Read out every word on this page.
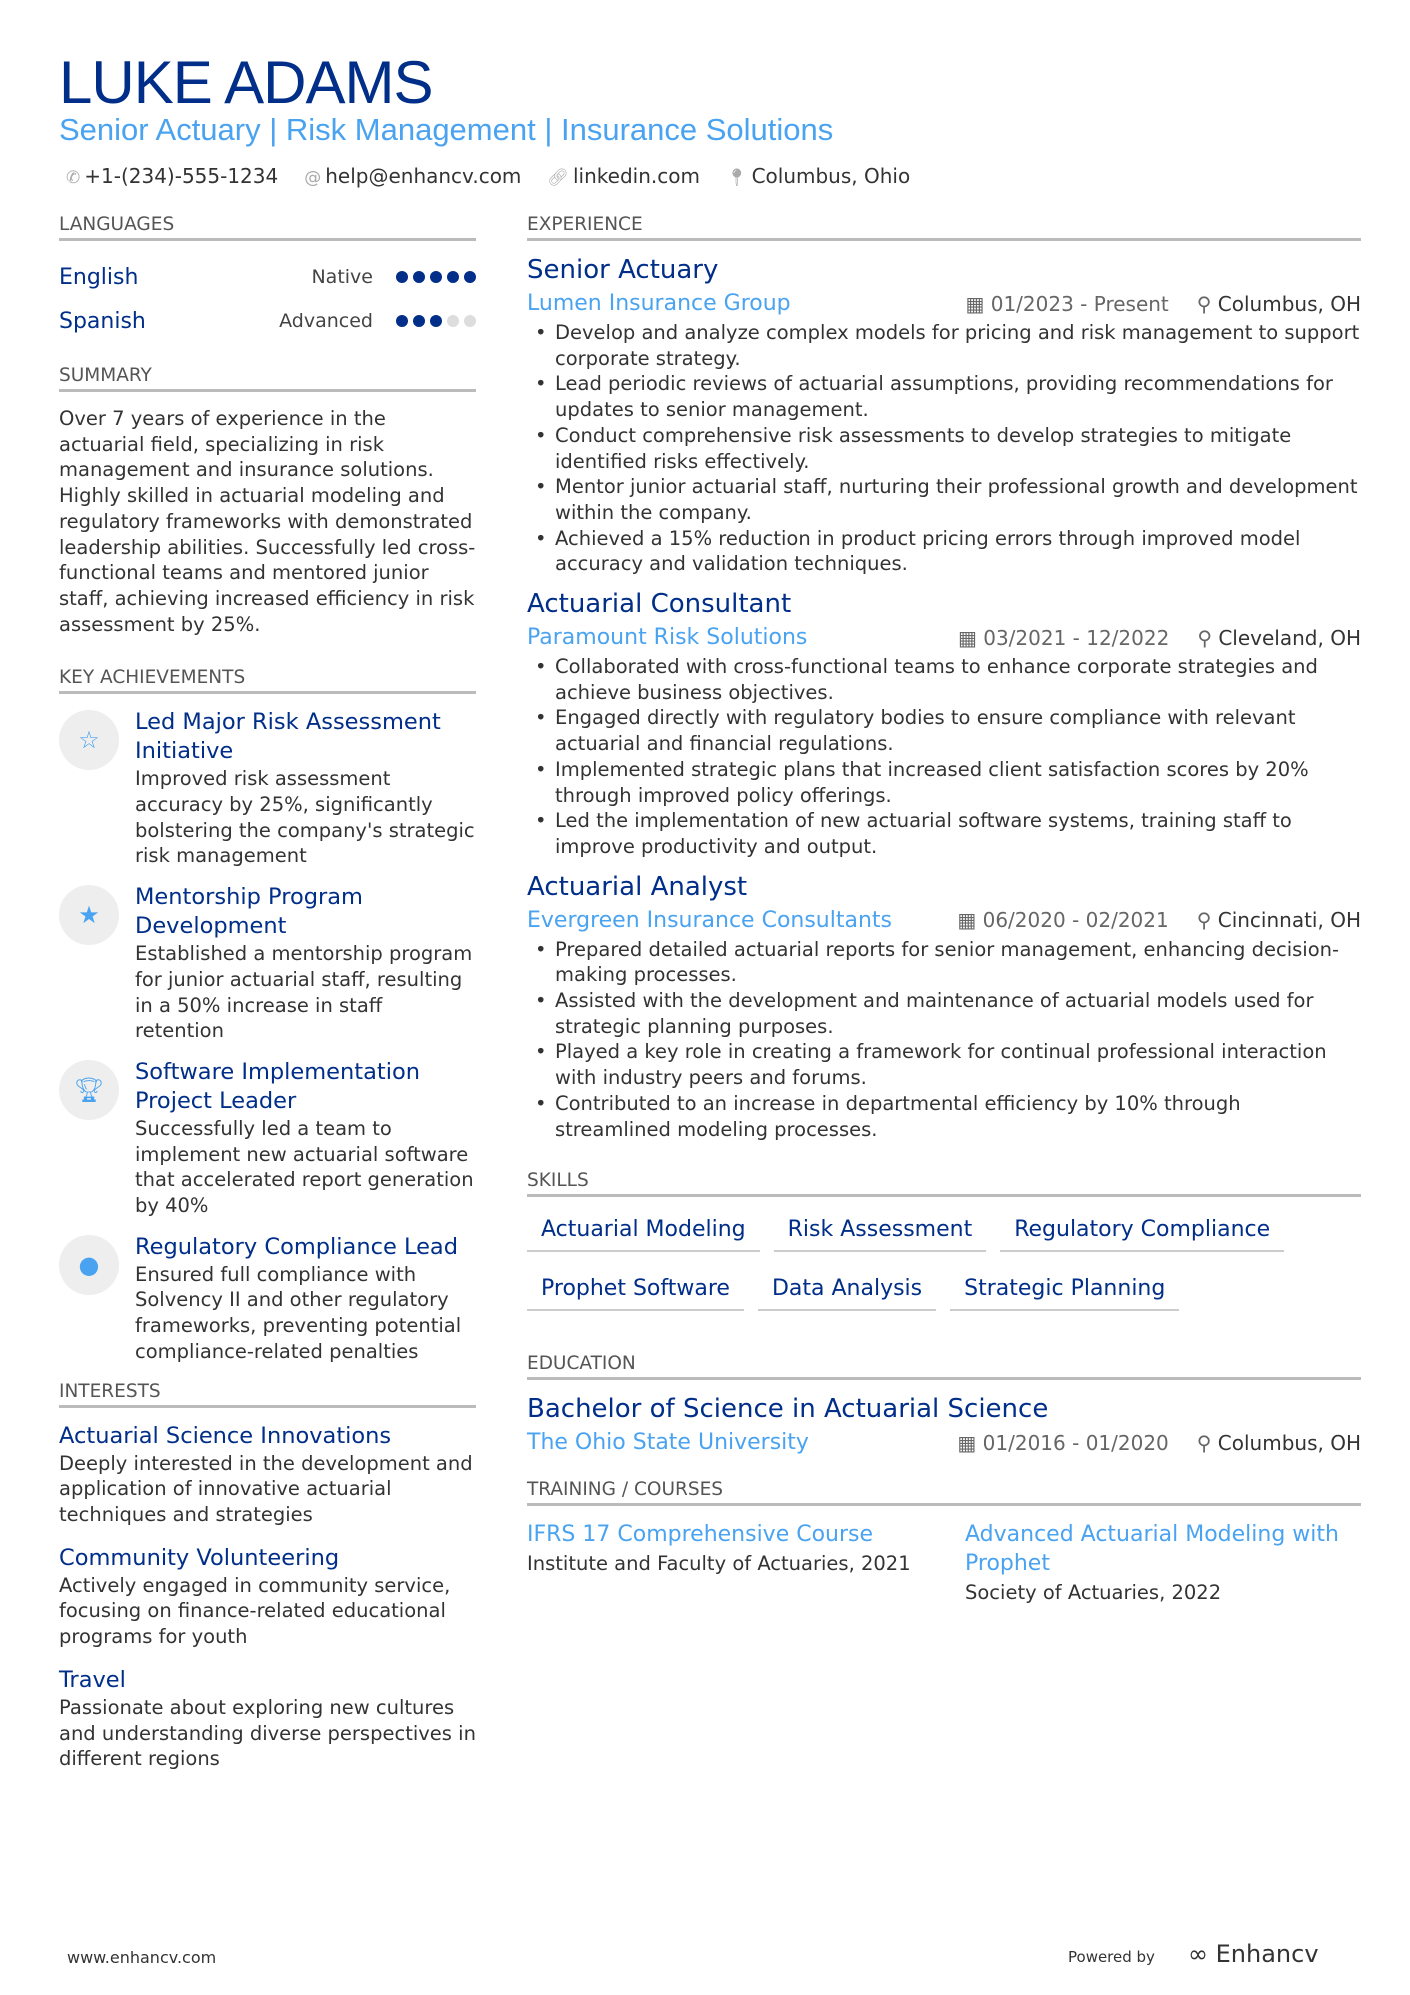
LUKE ADAMS
Senior Actuary | Risk Management | Insurance Solutions
✆ +1-(234)-555-1234 @ help@enhancv.com 🔗︎ linkedin.com 📍︎ Columbus, Ohio
LANGUAGES
English	Native
Spanish	Advanced
SUMMARY
Over 7 years of experience in the actuarial field, specializing in risk management and insurance solutions. Highly skilled in actuarial modeling and regulatory frameworks with demonstrated leadership abilities. Successfully led cross-functional teams and mentored junior staff, achieving increased efficiency in risk assessment by 25%.
KEY ACHIEVEMENTS
☆
Led Major Risk Assessment Initiative
Improved risk assessment accuracy by 25%, significantly bolstering the company's strategic risk management
★
Mentorship Program Development
Established a mentorship program for junior actuarial staff, resulting in a 50% increase in staff retention
🏆︎
Software Implementation Project Leader
Successfully led a team to implement new actuarial software that accelerated report generation by 40%
●
Regulatory Compliance Lead
Ensured full compliance with Solvency II and other regulatory frameworks, preventing potential compliance-related penalties
INTERESTS
Actuarial Science Innovations
Deeply interested in the development and application of innovative actuarial techniques and strategies
Community Volunteering
Actively engaged in community service, focusing on finance-related educational programs for youth
Travel
Passionate about exploring new cultures and understanding diverse perspectives in different regions
EXPERIENCE
Senior Actuary
Lumen Insurance Group	▦ 01/2023 - Present ⚲ Columbus, OH
• Develop and analyze complex models for pricing and risk management to support corporate strategy.
• Lead periodic reviews of actuarial assumptions, providing recommendations for updates to senior management.
• Conduct comprehensive risk assessments to develop strategies to mitigate identified risks effectively.
• Mentor junior actuarial staff, nurturing their professional growth and development within the company.
• Achieved a 15% reduction in product pricing errors through improved model accuracy and validation techniques.
Actuarial Consultant
Paramount Risk Solutions	▦ 03/2021 - 12/2022 ⚲ Cleveland, OH
• Collaborated with cross-functional teams to enhance corporate strategies and achieve business objectives.
• Engaged directly with regulatory bodies to ensure compliance with relevant actuarial and financial regulations.
• Implemented strategic plans that increased client satisfaction scores by 20% through improved policy offerings.
• Led the implementation of new actuarial software systems, training staff to improve productivity and output.
Actuarial Analyst
Evergreen Insurance Consultants	▦ 06/2020 - 02/2021 ⚲ Cincinnati, OH
• Prepared detailed actuarial reports for senior management, enhancing decision-making processes.
• Assisted with the development and maintenance of actuarial models used for strategic planning purposes.
• Played a key role in creating a framework for continual professional interaction with industry peers and forums.
• Contributed to an increase in departmental efficiency by 10% through streamlined modeling processes.
SKILLS
Actuarial Modeling	Risk Assessment	Regulatory Compliance
Prophet Software	Data Analysis	Strategic Planning
EDUCATION
Bachelor of Science in Actuarial Science
The Ohio State University	▦ 01/2016 - 01/2020 ⚲ Columbus, OH
TRAINING / COURSES
IFRS 17 Comprehensive Course
Institute and Faculty of Actuaries, 2021
Advanced Actuarial Modeling with Prophet
Society of Actuaries, 2022
www.enhancv.com	Powered by ∞ Enhancv
